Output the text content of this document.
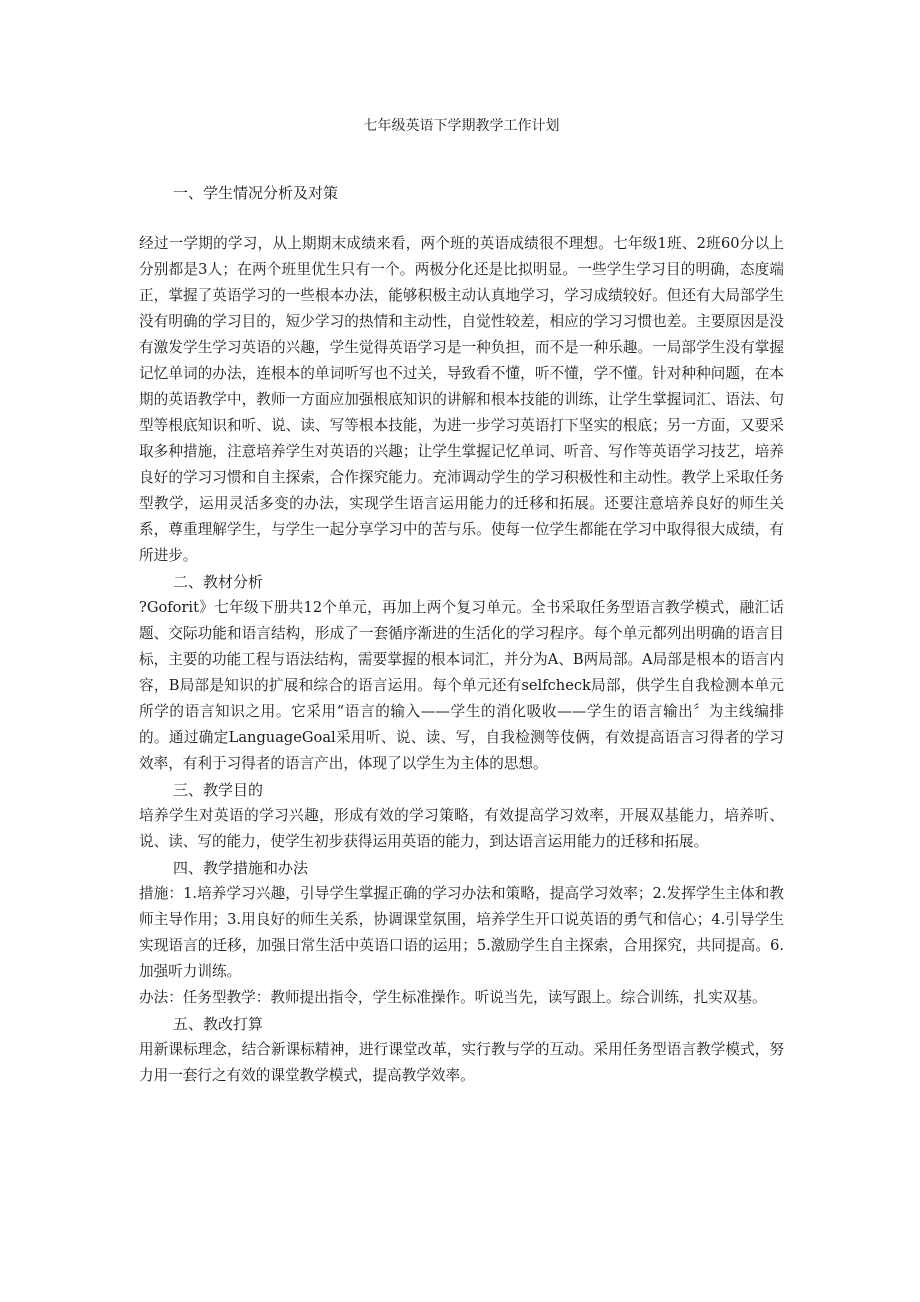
七年级英语下学期教学工作计划
一、学生情况分析及对策

经过一学期的学习，从上期期末成绩来看，两个班的英语成绩很不理想。七年级1班、2班60分以上分别都是3人；在两个班里优生只有一个。两极分化还是比拟明显。一些学生学习目的明确，态度端正，掌握了英语学习的一些根本办法，能够积极主动认真地学习，学习成绩较好。但还有大局部学生没有明确的学习目的，短少学习的热情和主动性，自觉性较差，相应的学习习惯也差。主要原因是没有激发学生学习英语的兴趣，学生觉得英语学习是一种负担，而不是一种乐趣。一局部学生没有掌握记忆单词的办法，连根本的单词听写也不过关，导致看不懂，听不懂，学不懂。针对种种问题，在本期的英语教学中，教师一方面应加强根底知识的讲解和根本技能的训练，让学生掌握词汇、语法、句型等根底知识和听、说、读、写等根本技能，为进一步学习英语打下坚实的根底；另一方面，又要采取多种措施，注意培养学生对英语的兴趣；让学生掌握记忆单词、听音、写作等英语学习技艺，培养良好的学习习惯和自主探索，合作探究能力。充沛调动学生的学习积极性和主动性。教学上采取任务型教学，运用灵活多变的办法，实现学生语言运用能力的迁移和拓展。还要注意培养良好的师生关系，尊重理解学生，与学生一起分享学习中的苦与乐。使每一位学生都能在学习中取得很大成绩，有所进步。

二、教材分析

?Goforit》七年级下册共12个单元，再加上两个复习单元。全书采取任务型语言教学模式，融汇话题、交际功能和语言结构，形成了一套循序渐进的生活化的学习程序。每个单元都列出明确的语言目标，主要的功能工程与语法结构，需要掌握的根本词汇，并分为A、B两局部。A局部是根本的语言内容，B局部是知识的扩展和综合的语言运用。每个单元还有selfcheck局部，供学生自我检测本单元所学的语言知识之用。它采用“语言的输入——学生的消化吸收——学生的语言输出〞为主线编排的。通过确定LanguageGoal采用听、说、读、写，自我检测等伎俩，有效提高语言习得者的学习效率，有利于习得者的语言产出，体现了以学生为主体的思想。

三、教学目的

培养学生对英语的学习兴趣，形成有效的学习策略，有效提高学习效率，开展双基能力，培养听、说、读、写的能力，使学生初步获得运用英语的能力，到达语言运用能力的迁移和拓展。

四、教学措施和办法

措施：1.培养学习兴趣，引导学生掌握正确的学习办法和策略，提高学习效率；2.发挥学生主体和教师主导作用；3.用良好的师生关系，协调课堂氛围，培养学生开口说英语的勇气和信心；4.引导学生实现语言的迁移，加强日常生活中英语口语的运用；5.激励学生自主探索，合用探究，共同提高。6.加强听力训练。

办法：任务型教学：教师提出指令，学生标准操作。听说当先，读写跟上。综合训练，扎实双基。

五、教改打算

用新课标理念，结合新课标精神，进行课堂改革，实行教与学的互动。采用任务型语言教学模式，努力用一套行之有效的课堂教学模式，提高教学效率。
